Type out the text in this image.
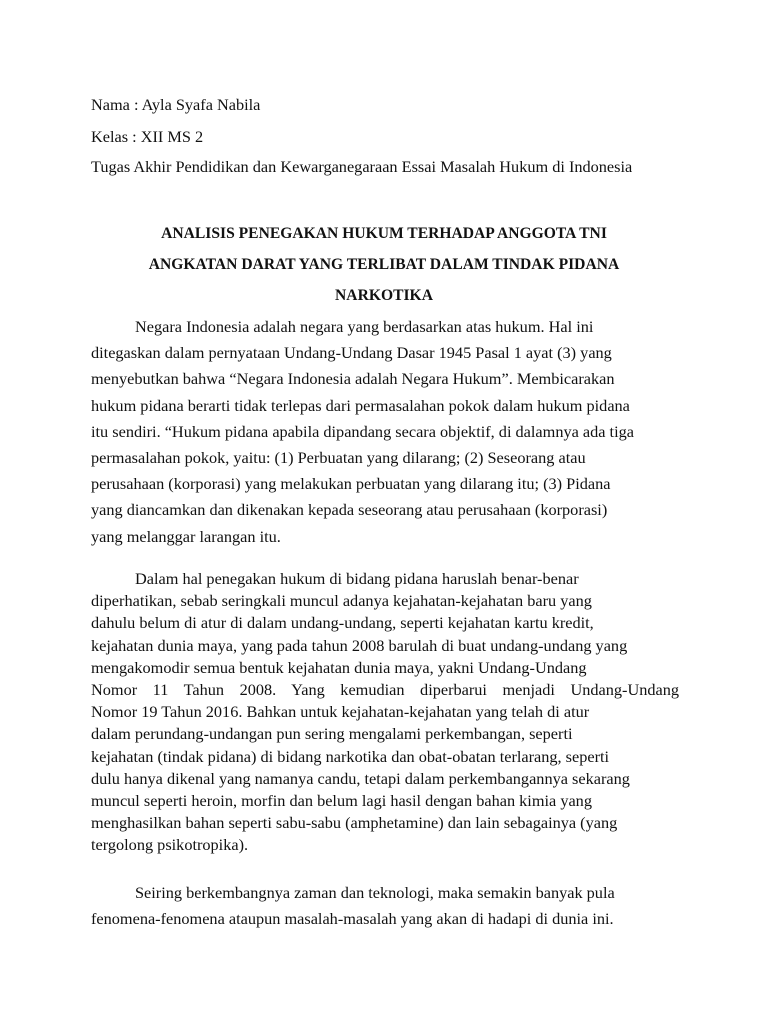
Nama : Ayla Syafa Nabila
Kelas : XII MS 2
Tugas Akhir Pendidikan dan Kewarganegaraan Essai Masalah Hukum di Indonesia
ANALISIS PENEGAKAN HUKUM TERHADAP ANGGOTA TNI
ANGKATAN DARAT YANG TERLIBAT DALAM TINDAK PIDANA
NARKOTIKA
Negara Indonesia adalah negara yang berdasarkan atas hukum. Hal ini
ditegaskan dalam pernyataan Undang-Undang Dasar 1945 Pasal 1 ayat (3) yang
menyebutkan bahwa “Negara Indonesia adalah Negara Hukum”. Membicarakan
hukum pidana berarti tidak terlepas dari permasalahan pokok dalam hukum pidana
itu sendiri. “Hukum pidana apabila dipandang secara objektif, di dalamnya ada tiga
permasalahan pokok, yaitu: (1) Perbuatan yang dilarang; (2) Seseorang atau
perusahaan (korporasi) yang melakukan perbuatan yang dilarang itu; (3) Pidana
yang diancamkan dan dikenakan kepada seseorang atau perusahaan (korporasi)
yang melanggar larangan itu.
Dalam hal penegakan hukum di bidang pidana haruslah benar-benar
diperhatikan, sebab seringkali muncul adanya kejahatan-kejahatan baru yang
dahulu belum di atur di dalam undang-undang, seperti kejahatan kartu kredit,
kejahatan dunia maya, yang pada tahun 2008 barulah di buat undang-undang yang
mengakomodir semua bentuk kejahatan dunia maya, yakni Undang-Undang
Nomor 11 Tahun 2008. Yang kemudian diperbarui menjadi Undang-Undang
Nomor 19 Tahun 2016. Bahkan untuk kejahatan-kejahatan yang telah di atur
dalam perundang-undangan pun sering mengalami perkembangan, seperti
kejahatan (tindak pidana) di bidang narkotika dan obat-obatan terlarang, seperti
dulu hanya dikenal yang namanya candu, tetapi dalam perkembangannya sekarang
muncul seperti heroin, morfin dan belum lagi hasil dengan bahan kimia yang
menghasilkan bahan seperti sabu-sabu (amphetamine) dan lain sebagainya (yang
tergolong psikotropika).
Seiring berkembangnya zaman dan teknologi, maka semakin banyak pula
fenomena-fenomena ataupun masalah-masalah yang akan di hadapi di dunia ini.
